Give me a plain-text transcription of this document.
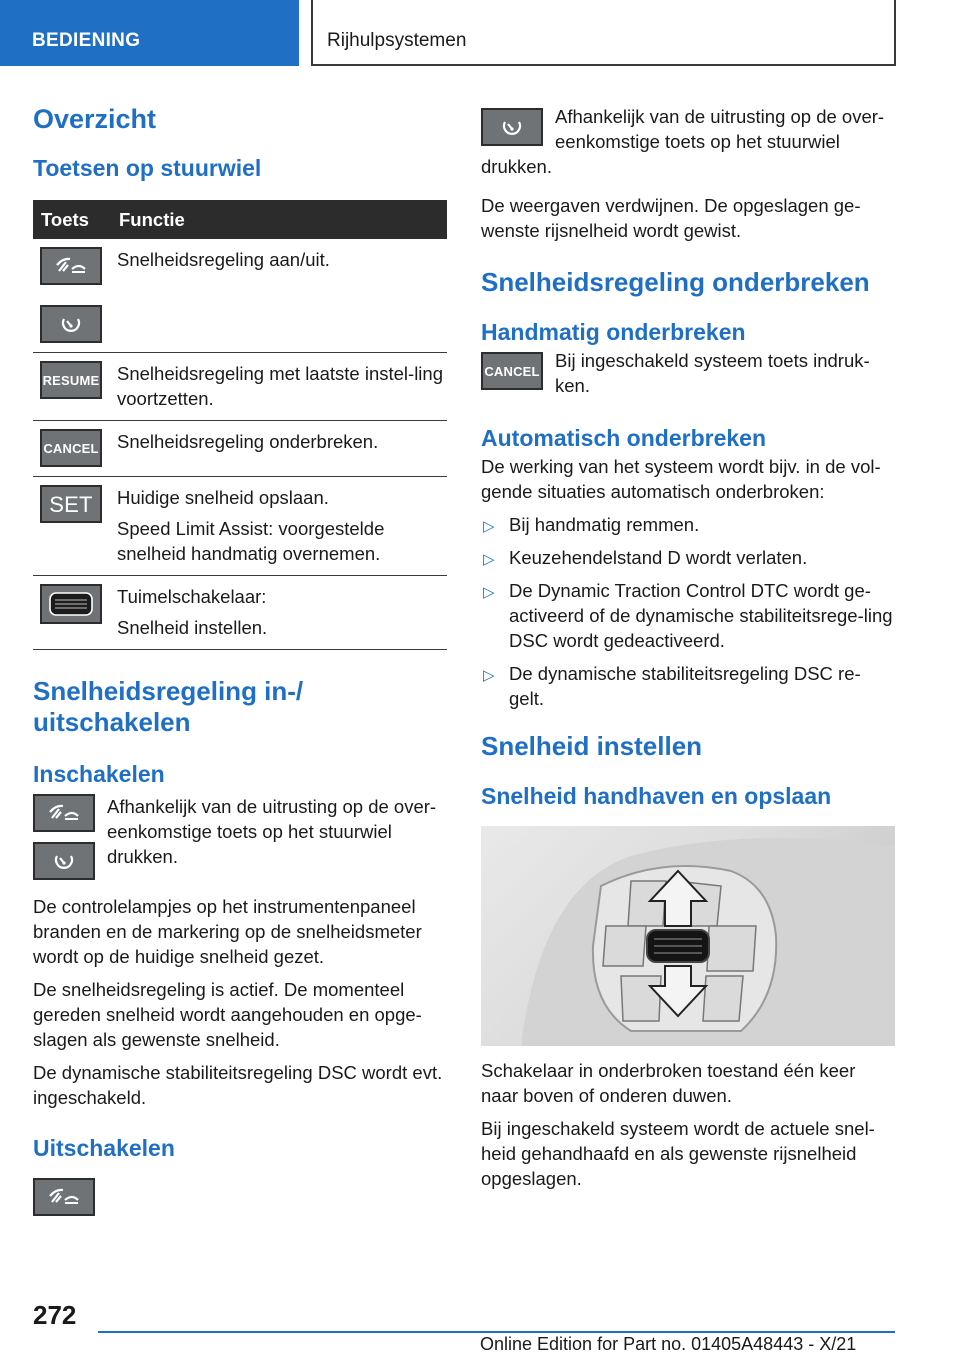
BEDIENING	Rijhulpsystemen
Overzicht
Toetsen op stuurwiel
Toets	Functie

Snelheidsregeling aan/uit.

RESUME	Snelheidsregeling met laatste instel-ling voortzetten.

CANCEL	Snelheidsregeling onderbreken.

SET	Huidige snelheid opslaan.

Speed Limit Assist: voorgestelde snelheid handmatig overnemen.

Tuimelschakelaar:

Snelheid instellen.

Snelheidsregeling in-/ uitschakelen
Inschakelen

Afhankelijk van de uitrusting op de over-eenkomstige toets op het stuurwiel drukken.

De controlelampjes op het instrumentenpaneel branden en de markering op de snelheidsmeter wordt op de huidige snelheid gezet.

De snelheidsregeling is actief. De momenteel gereden snelheid wordt aangehouden en opge-slagen als gewenste snelheid.

De dynamische stabiliteitsregeling DSC wordt evt. ingeschakeld.

Uitschakelen

Afhankelijk van de uitrusting op de over-eenkomstige toets op het stuurwiel drukken.

De weergaven verdwijnen. De opgeslagen ge-wenste rijsnelheid wordt gewist.

Snelheidsregeling onderbreken
Handmatig onderbreken
CANCEL Bij ingeschakeld systeem toets indruk-ken.

Automatisch onderbreken

De werking van het systeem wordt bijv. in de vol-gende situaties automatisch onderbroken:

▷ Bij handmatig remmen.
▷ Keuzehendelstand D wordt verlaten.
▷ De Dynamic Traction Control DTC wordt ge-activeerd of de dynamische stabiliteitsrege-ling DSC wordt gedeactiveerd.
▷ De dynamische stabiliteitsregeling DSC re-gelt.
Snelheid instellen
Snelheid handhaven en opslaan

Schakelaar in onderbroken toestand één keer naar boven of onderen duwen.

Bij ingeschakeld systeem wordt de actuele snel-heid gehandhaafd en als gewenste rijsnelheid opgeslagen.

272
Online Edition for Part no. 01405A48443 - X/21
